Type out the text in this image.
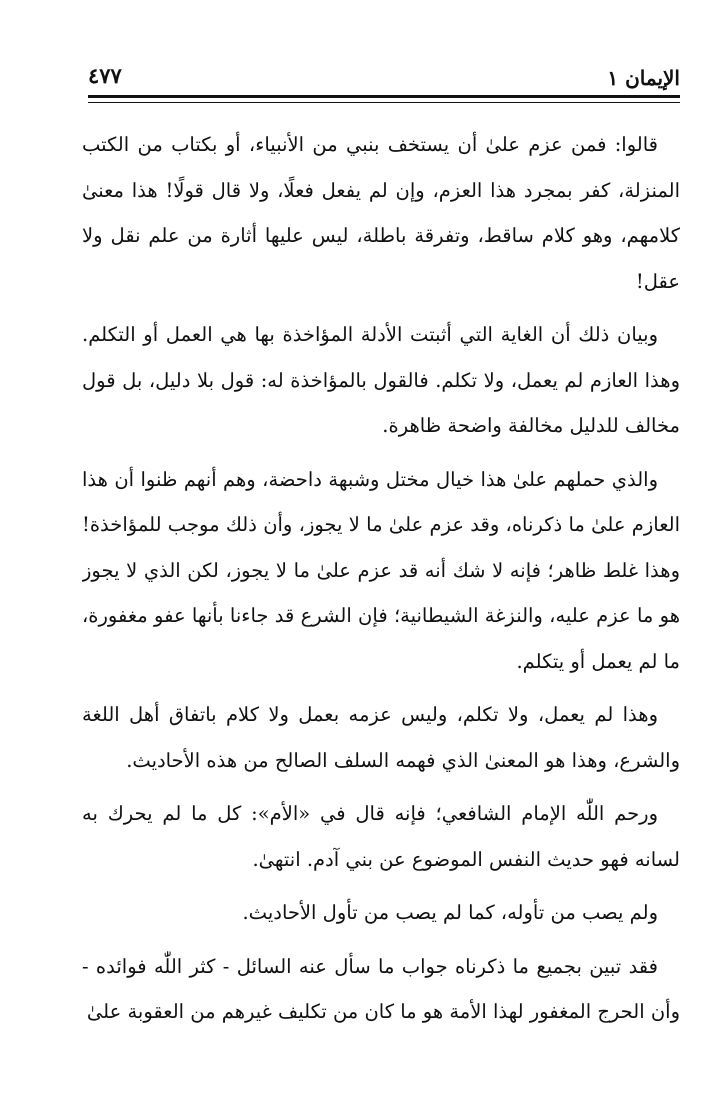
الإيمان ١
٤٧٧

قالوا: فمن عزم علىٰ أن يستخف بنبي من الأنبياء، أو بكتاب من الكتب المنزلة، كفر بمجرد هذا العزم، وإن لم يفعل فعلًا، ولا قال قولًا! هذا معنىٰ كلامهم، وهو كلام ساقط، وتفرقة باطلة، ليس عليها أثارة من علم نقل ولا عقل!

وبيان ذلك أن الغاية التي أثبتت الأدلة المؤاخذة بها هي العمل أو التكلم. وهذا العازم لم يعمل، ولا تكلم. فالقول بالمؤاخذة له: قول بلا دليل، بل قول مخالف للدليل مخالفة واضحة ظاهرة.

والذي حملهم علىٰ هذا خيال مختل وشبهة داحضة، وهم أنهم ظنوا أن هذا العازم علىٰ ما ذكرناه، وقد عزم علىٰ ما لا يجوز، وأن ذلك موجب للمؤاخذة! وهذا غلط ظاهر؛ فإنه لا شك أنه قد عزم علىٰ ما لا يجوز، لكن الذي لا يجوز هو ما عزم عليه، والنزغة الشيطانية؛ فإن الشرع قد جاءنا بأنها عفو مغفورة، ما لم يعمل أو يتكلم.

وهذا لم يعمل، ولا تكلم، وليس عزمه بعمل ولا كلام باتفاق أهل اللغة والشرع، وهذا هو المعنىٰ الذي فهمه السلف الصالح من هذه الأحاديث.

ورحم اللّٰه الإمام الشافعي؛ فإنه قال في «الأم»: كل ما لم يحرك به لسانه فهو حديث النفس الموضوع عن بني آدم. انتهىٰ.

ولم يصب من تأوله، كما لم يصب من تأول الأحاديث.

فقد تبين بجميع ما ذكرناه جواب ما سأل عنه السائل - كثر اللّٰه فوائده - وأن الحرج المغفور لهذا الأمة هو ما كان من تكليف غيرهم من العقوبة علىٰ
